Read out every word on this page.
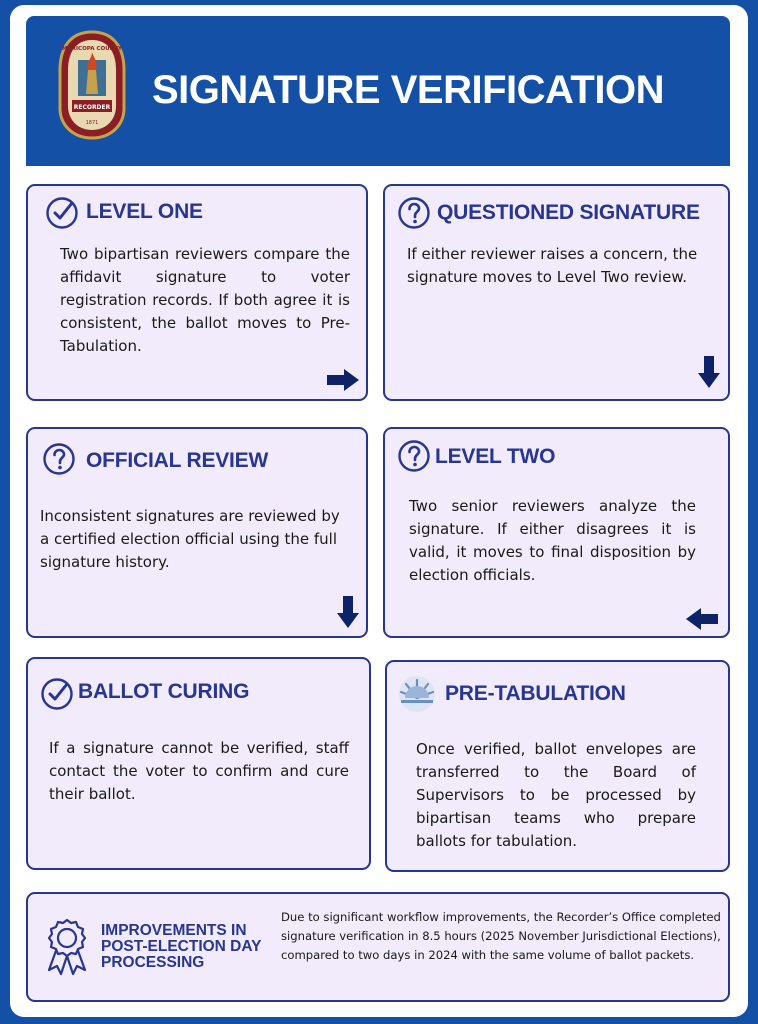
RECORDER
1871
MARICOPA COUNTY
SIGNATURE VERIFICATION
LEVEL ONE

Two bipartisan reviewers compare the affidavit signature to voter registration records. If both agree it is consistent, the ballot moves to Pre-Tabulation.

QUESTIONED SIGNATURE

If either reviewer raises a concern, the signature moves to Level Two review.

OFFICIAL REVIEW

Inconsistent signatures are reviewed by a certified election official using the full signature history.

LEVEL TWO

Two senior reviewers analyze the signature. If either disagrees it is valid, it moves to final disposition by election officials.

BALLOT CURING

If a signature cannot be verified, staff contact the voter to confirm and cure their ballot.

PRE-TABULATION

Once verified, ballot envelopes are transferred to the Board of Supervisors to be processed by bipartisan teams who prepare ballots for tabulation.

IMPROVEMENTS IN POST-ELECTION DAY PROCESSING

Due to significant workflow improvements, the Recorder’s Office completed signature verification in 8.5 hours (2025 November Jurisdictional Elections), compared to two days in 2024 with the same volume of ballot packets.
